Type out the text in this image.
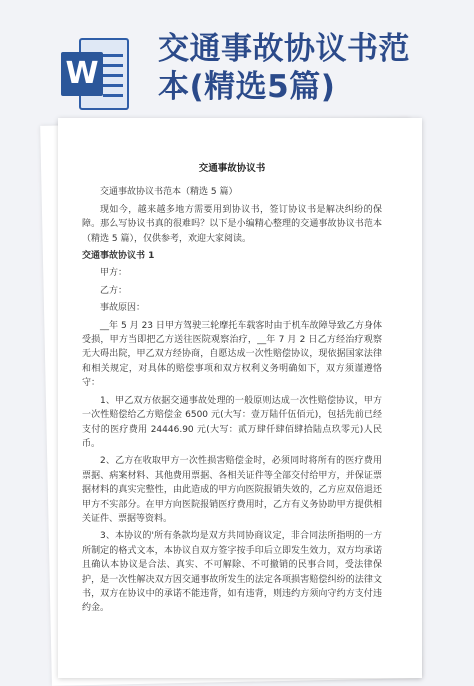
W
交通事故协议书范
本(精选5篇)
交通事故协议书
交通事故协议书范本（精选 5 篇）
现如今，越来越多地方需要用到协议书，签订协议书是解决纠纷的保障。那么写协议书真的很难吗？以下是小编精心整理的交通事故协议书范本（精选 5 篇），仅供参考，欢迎大家阅读。
交通事故协议书 1
甲方：
乙方：
事故原因：
__年 5 月 23 日甲方驾驶三轮摩托车载客时由于机车故障导致乙方身体受损，甲方当即把乙方送往医院观察治疗，__年 7 月 2 日乙方经治疗观察无大碍出院，甲乙双方经协商，自愿达成一次性赔偿协议，现依据国家法律和相关规定，对具体的赔偿事项和双方权利义务明确如下，双方须谨遵恪守：
1、甲乙双方依据交通事故处理的一般原则达成一次性赔偿协议，甲方一次性赔偿给乙方赔偿金 6500 元(大写：壹万陆仟伍佰元)，包括先前已经支付的医疗费用 24446.90 元(大写：贰万肆仟肆佰肆拾陆点玖零元)人民币。
2、乙方在收取甲方一次性损害赔偿金时，必须同时将所有的医疗费用票据、病案材料、其他费用票据、各相关证件等全部交付给甲方，并保证票据材料的真实完整性，由此造成的甲方向医院报销失效的，乙方应双倍退还甲方不实部分。在甲方向医院报销医疗费用时，乙方有义务协助甲方提供相关证件、票据等资料。
3、本协议的'所有条款均是双方共同协商议定，非合同法所指明的一方所制定的格式文本，本协议自双方签字按手印后立即发生效力，双方均承诺且确认本协议是合法、真实、不可解除、不可撤销的民事合同，受法律保护，是一次性解决双方因交通事故所发生的法定各项损害赔偿纠纷的法律文书，双方在协议中的承诺不能违背，如有违背，则违约方须向守约方支付违约金。
